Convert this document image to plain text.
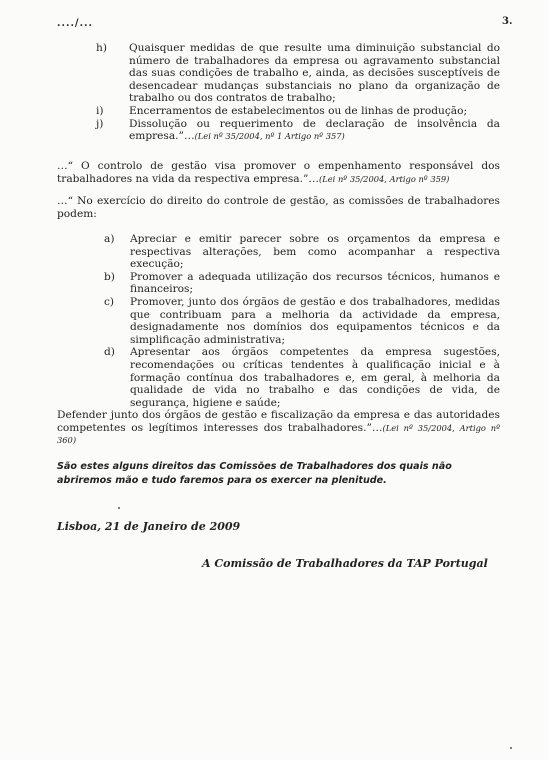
..../...	3.
h)	Quaisquer medidas de que resulte uma diminuição substancial do número de trabalhadores da empresa ou agravamento substancial das suas condições de trabalho e, ainda, as decisões susceptíveis de desencadear mudanças substanciais no plano da organização de trabalho ou dos contratos de trabalho;
i)	Encerramentos de estabelecimentos ou de linhas de produção;
j)	Dissolução ou requerimento de declaração de insolvência da empresa.”…(Lei nº 35/2004, nº 1 Artigo nº 357)
…“ O controlo de gestão visa promover o empenhamento responsável dos trabalhadores na vida da respectiva empresa.”…(Lei nº 35/2004, Artigo nº 359)
…“ No exercício do direito do controle de gestão, as comissões de trabalhadores podem:
a)	Apreciar e emitir parecer sobre os orçamentos da empresa e respectivas alterações, bem como acompanhar a respectiva execução;
b)	Promover a adequada utilização dos recursos técnicos, humanos e financeiros;
c)	Promover, junto dos órgãos de gestão e dos trabalhadores, medidas que contribuam para a melhoria da actividade da empresa, designadamente nos domínios dos equipamentos técnicos e da simplificação administrativa;
d)	Apresentar aos órgãos competentes da empresa sugestões, recomendações ou críticas tendentes à qualificação inicial e à formação contínua dos trabalhadores e, em geral, à melhoria da qualidade de vida no trabalho e das condições de vida, de segurança, higiene e saúde;
Defender junto dos órgãos de gestão e fiscalização da empresa e das autoridades competentes os legítimos interesses dos trabalhadores.”…(Lei nº 35/2004, Artigo nº 360)
São estes alguns direitos das Comissões de Trabalhadores dos quais não abriremos mão e tudo faremos para os exercer na plenitude.
Lisboa, 21 de Janeiro de 2009
A Comissão de Trabalhadores da TAP Portugal
